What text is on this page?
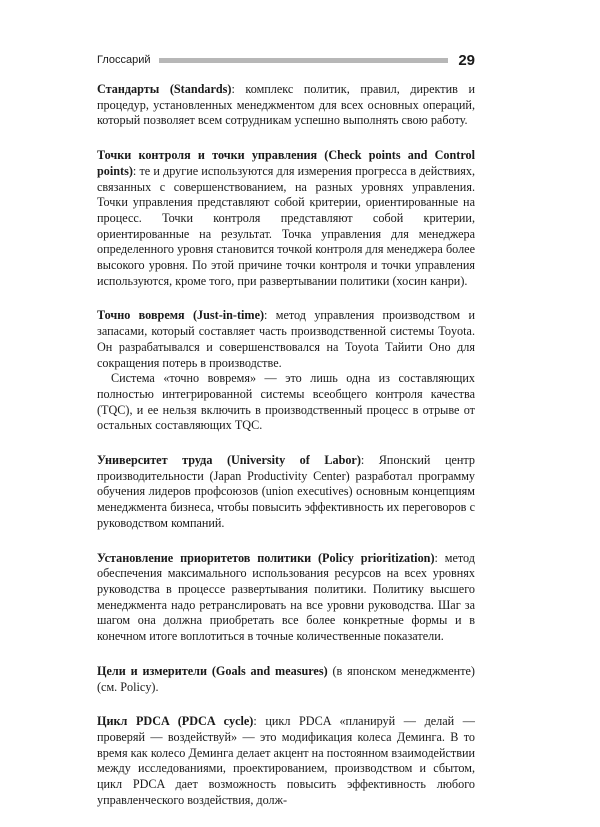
Глоссарий	29

Стандарты (Standards): комплекс политик, правил, директив и процедур, установленных менеджментом для всех основных операций, который позволяет всем сотрудникам успешно выполнять свою работу.

Точки контроля и точки управления (Check points and Control points): те и другие используются для измерения прогресса в действиях, связанных с совершенствованием, на разных уровнях управления. Точки управления представляют собой критерии, ориентированные на процесс. Точки контроля представляют собой критерии, ориентированные на результат. Точка управления для менеджера определенного уровня становится точкой контроля для менеджера более высокого уровня. По этой причине точки контроля и точки управления используются, кроме того, при развертывании политики (хосин канри).

Точно вовремя (Just-in-time): метод управления производством и запасами, который составляет часть производственной системы Toyota. Он разрабатывался и совершенствовался на Toyota Тайити Оно для сокращения потерь в производстве.

Система «точно вовремя» — это лишь одна из составляющих полностью интегрированной системы всеобщего контроля качества (TQC), и ее нельзя включить в производственный процесс в отрыве от остальных составляющих TQC.

Университет труда (University of Labor): Японский центр производительности (Japan Productivity Center) разработал программу обучения лидеров профсоюзов (union executives) основным концепциям менеджмента бизнеса, чтобы повысить эффективность их переговоров с руководством компаний.

Установление приоритетов политики (Policy prioritization): метод обеспечения максимального использования ресурсов на всех уровнях руководства в процессе развертывания политики. Политику высшего менеджмента надо ретранслировать на все уровни руководства. Шаг за шагом она должна приобретать все более конкретные формы и в конечном итоге воплотиться в точные количественные показатели.

Цели и измерители (Goals and measures) (в японском менеджменте) (см. Policy).

Цикл PDCA (PDCA cycle): цикл PDCA «планируй — делай — проверяй — воздействуй» — это модификация колеса Деминга. В то время как колесо Деминга делает акцент на постоянном взаимодействии между исследованиями, проектированием, производством и сбытом, цикл PDCA дает возможность повысить эффективность любого управленческого воздействия, долж-
